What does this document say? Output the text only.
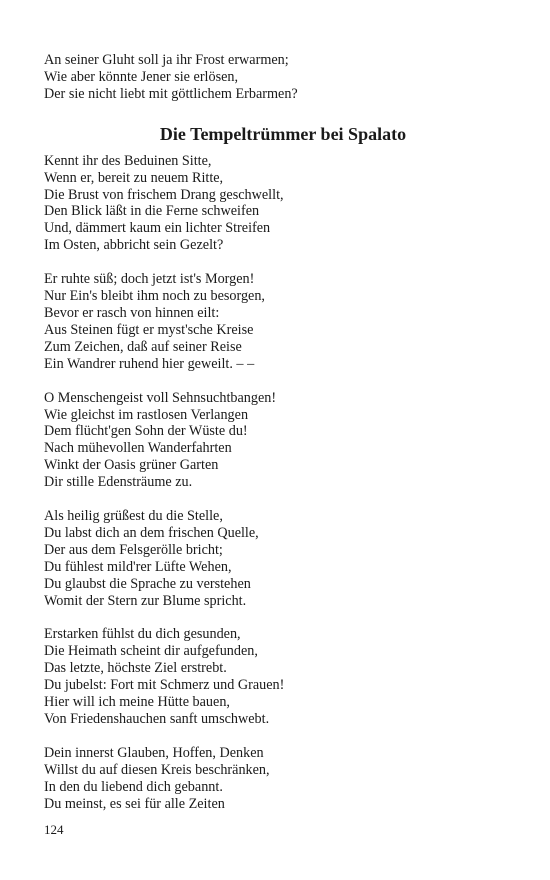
An seiner Gluht soll ja ihr Frost erwarmen;
Wie aber könnte Jener sie erlösen,
Der sie nicht liebt mit göttlichem Erbarmen?
Die Tempeltrümmer bei Spalato
Kennt ihr des Beduinen Sitte,
Wenn er, bereit zu neuem Ritte,
Die Brust von frischem Drang geschwellt,
Den Blick läßt in die Ferne schweifen
Und, dämmert kaum ein lichter Streifen
Im Osten, abbricht sein Gezelt?
Er ruhte süß; doch jetzt ist's Morgen!
Nur Ein's bleibt ihm noch zu besorgen,
Bevor er rasch von hinnen eilt:
Aus Steinen fügt er myst'sche Kreise
Zum Zeichen, daß auf seiner Reise
Ein Wandrer ruhend hier geweilt. – –
O Menschengeist voll Sehnsuchtbangen!
Wie gleichst im rastlosen Verlangen
Dem flücht'gen Sohn der Wüste du!
Nach mühevollen Wanderfahrten
Winkt der Oasis grüner Garten
Dir stille Edensträume zu.
Als heilig grüßest du die Stelle,
Du labst dich an dem frischen Quelle,
Der aus dem Felsgerölle bricht;
Du fühlest mild'rer Lüfte Wehen,
Du glaubst die Sprache zu verstehen
Womit der Stern zur Blume spricht.
Erstarken fühlst du dich gesunden,
Die Heimath scheint dir aufgefunden,
Das letzte, höchste Ziel erstrebt.
Du jubelst: Fort mit Schmerz und Grauen!
Hier will ich meine Hütte bauen,
Von Friedenshauchen sanft umschwebt.
Dein innerst Glauben, Hoffen, Denken
Willst du auf diesen Kreis beschränken,
In den du liebend dich gebannt.
Du meinst, es sei für alle Zeiten
124
